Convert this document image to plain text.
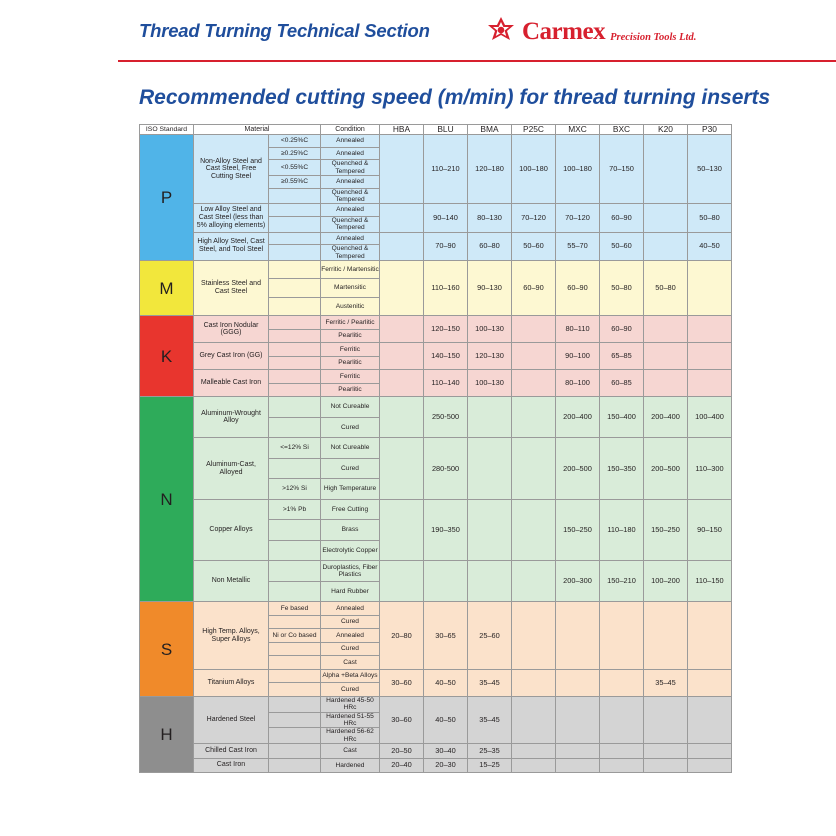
Thread Turning Technical Section	Carmex Precision Tools Ltd.
Recommended cutting speed (m/min) for thread turning inserts
ISO Standard	Material		Condition	HBA	BLU	BMA	P25C	MXC	BXC	K20	P30
P	Non-Alloy Steel and Cast Steel, Free Cutting Steel	<0.25%C	Annealed		110–210	120–180	100–180	100–180	70–150		50–130
		≥0.25%C	Annealed								
		<0.55%C	Quenched & Tempered								
		≥0.55%C	Annealed								
			Quenched & Tempered								
	Low Alloy Steel and Cast Steel (less than 5% alloying elements)		Annealed		90–140	80–130	70–120	70–120	60–90		50–80
			Quenched & Tempered								
	High Alloy Steel, Cast Steel, and Tool Steel		Annealed		70–90	60–80	50–60	55–70	50–60		40–50
			Quenched & Tempered								
M	Stainless Steel and Cast Steel		Ferritic / Martensitic		110–160	90–130	60–90	60–90	50–80	50–80	
			Martensitic								
			Austenitic								
K	Cast Iron Nodular (GGG)		Ferritic / Pearlitic		120–150	100–130		80–110	60–90		
			Pearlitic								
	Grey Cast Iron (GG)		Ferritic		140–150	120–130		90–100	65–85		
			Pearlitic								
	Malleable Cast Iron		Ferritic		110–140	100–130		80–100	60–85		
			Pearlitic								
N	Aluminum-Wrought Alloy		Not Cureable		250-500			200–400	150–400	200–400	100–400
			Cured								
	Aluminum-Cast, Alloyed	<=12% Si	Not Cureable		280-500			200–500	150–350	200–500	110–300
			Cured								
		>12% Si	High Temperature								
	Copper Alloys	>1% Pb	Free Cutting		190–350			150–250	110–180	150–250	90–150
			Brass								
			Electrolytic Copper								
	Non Metallic		Duroplastics, Fiber Plastics					200–300	150–210	100–200	110–150
			Hard Rubber								
S	High Temp. Alloys, Super Alloys	Fe based	Annealed	20–80	30–65	25–60					
			Cured								
		Ni or Co based	Annealed								
			Cured								
			Cast								
	Titanium Alloys		Alpha +Beta Alloys	30–60	40–50	35–45				35–45	
			Cured								
H	Hardened Steel		Hardened 45-50 HRc	30–60	40–50	35–45					
			Hardened 51-55 HRc								
			Hardened 56-62 HRc								
	Chilled Cast Iron		Cast	20–50	30–40	25–35					
	Cast Iron		Hardened	20–40	20–30	15–25					
